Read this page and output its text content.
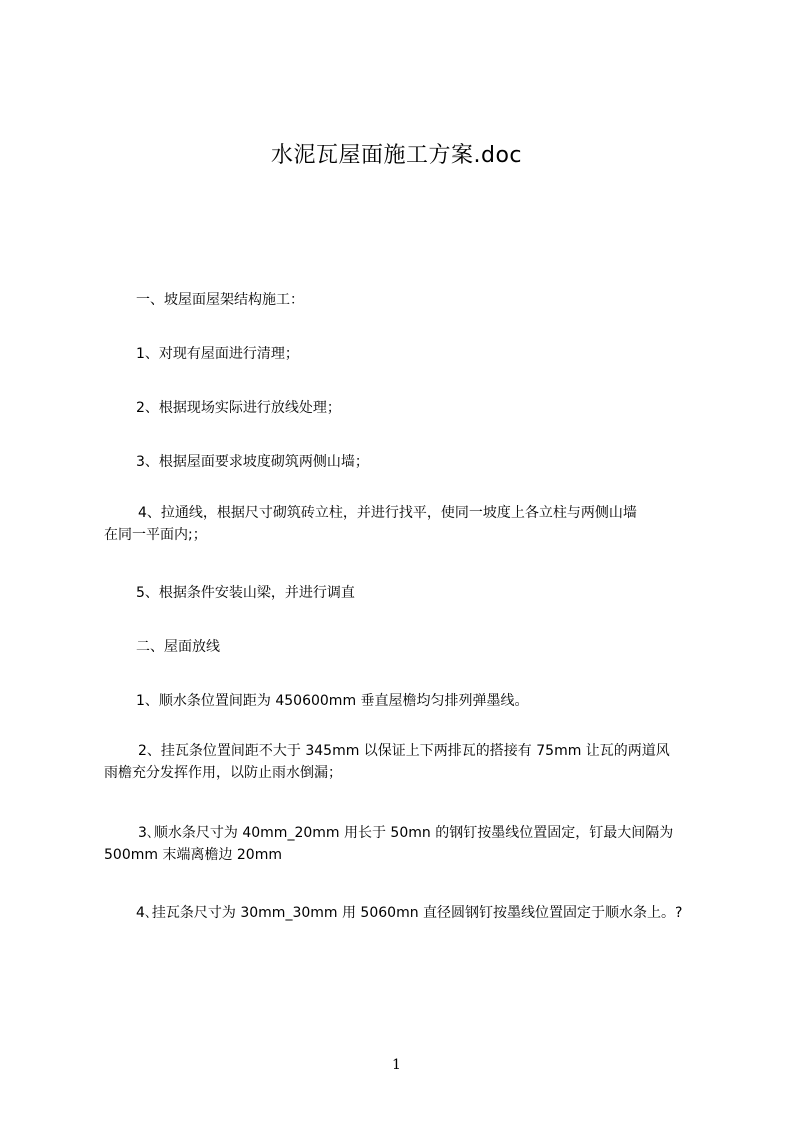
水泥瓦屋面施工方案.doc

一、坡屋面屋架结构施工：

1、对现有屋面进行清理；

2、根据现场实际进行放线处理；

3、根据屋面要求坡度砌筑两侧山墙；

4、拉通线，根据尺寸砌筑砖立柱，并进行找平，使同一坡度上各立柱与两侧山墙
在同一平面内;；

5、根据条件安装山梁，并进行调直

二、屋面放线

1、顺水条位置间距为 450600mm 垂直屋檐均匀排列弹墨线。

2、挂瓦条位置间距不大于 345mm 以保证上下两排瓦的搭接有 75mm 让瓦的两道风
雨檐充分发挥作用，以防止雨水倒漏；
3､顺水条尺寸为 40mm_20mm 用长于 50mn 的钢钉按墨线位置固定，钉最大间隔为
500mm 末端离檐边 20mm

4､挂瓦条尺寸为 30mm_30mm 用 5060mn 直径圆钢钉按墨线位置固定于顺水条上。?

1
